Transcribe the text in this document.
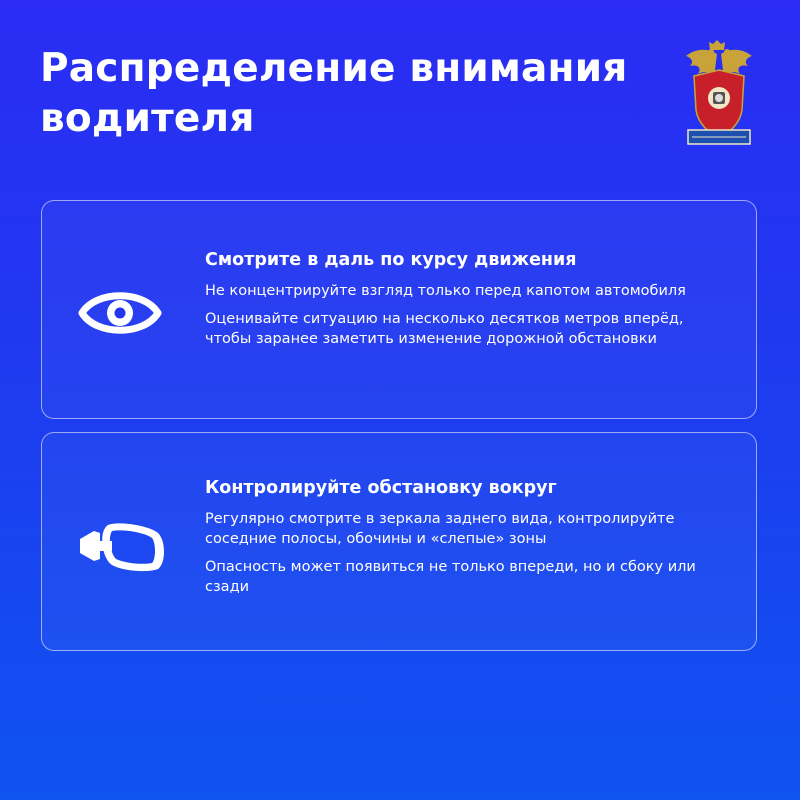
Распределение внимания водителя
Смотрите в даль по курсу движения
Не концентрируйте взгляд только перед капотом автомобиля
Оценивайте ситуацию на несколько десятков метров вперёд, чтобы заранее заметить изменение дорожной обстановки
Контролируйте обстановку вокруг
Регулярно смотрите в зеркала заднего вида, контролируйте соседние полосы, обочины и «слепые» зоны
Опасность может появиться не только впереди, но и сбоку или сзади
